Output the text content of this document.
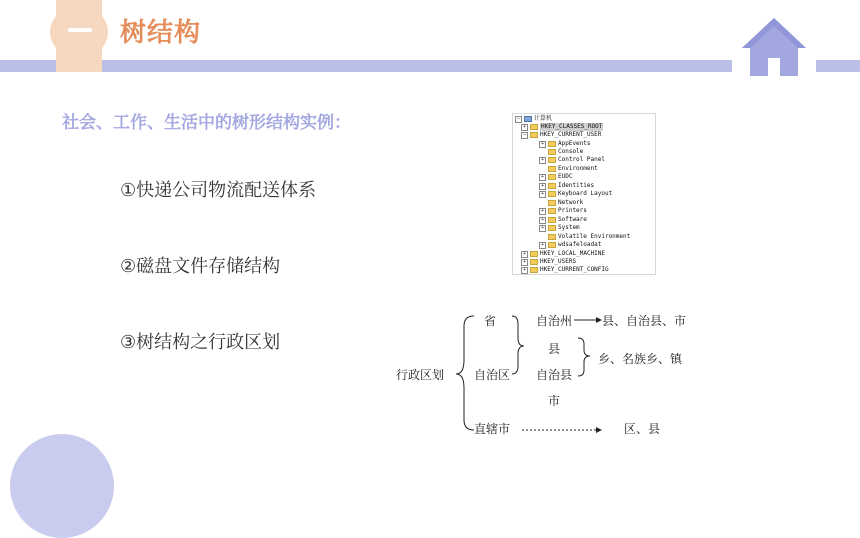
树结构
社会、工作、生活中的树形结构实例：
①快递公司物流配送体系
②磁盘文件存储结构
③树结构之行政区划
−	计算机
+	HKEY_CLASSES_ROOT
−	HKEY_CURRENT_USER
+	AppEvents
Console
+	Control Panel
Environment
+	EUDC
+	Identities
+	Keyboard Layout
Network
+	Printers
+	Software
+	System
Volatile Environment
+	wdsafeloadat
+	HKEY_LOCAL_MACHINE
+	HKEY_USERS
+	HKEY_CURRENT_CONFIG
行政区划
省
自治区
直辖市
自治州 县、自治县、市
县
自治县
乡、名族乡、镇
市
区、县
